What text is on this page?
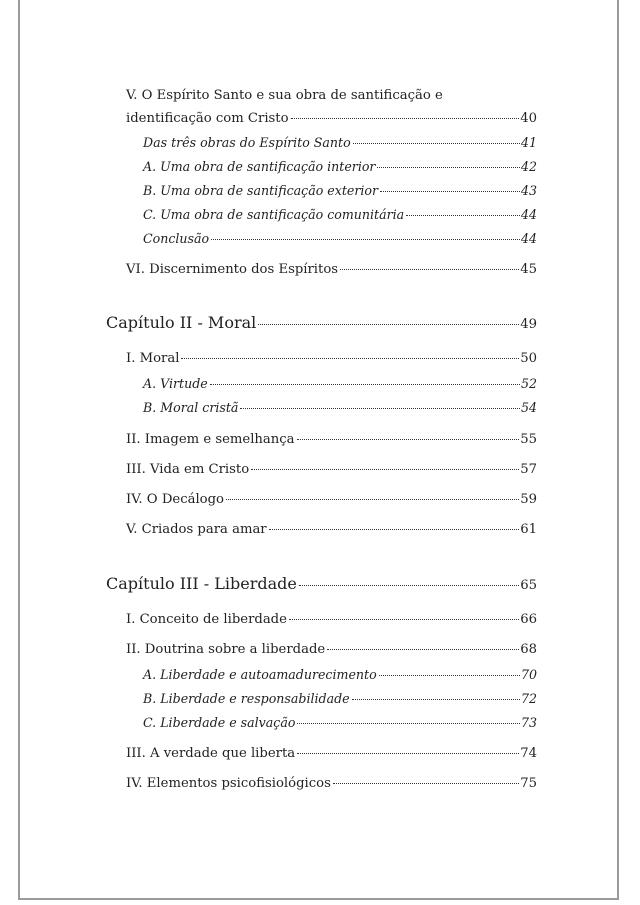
V. O Espírito Santo e sua obra de santificação e
identificação com Cristo	40
Das três obras do Espírito Santo	41
A. Uma obra de santificação interior	42
B. Uma obra de santificação exterior	43
C. Uma obra de santificação comunitária	44
Conclusão	44
VI. Discernimento dos Espíritos	45
Capítulo II - Moral	49
I. Moral	50
A. Virtude	52
B. Moral cristã	54
II. Imagem e semelhança	55
III. Vida em Cristo	57
IV. O Decálogo	59
V. Criados para amar	61
Capítulo III - Liberdade	65
I. Conceito de liberdade	66
II. Doutrina sobre a liberdade	68
A. Liberdade e autoamadurecimento	70
B. Liberdade e responsabilidade	72
C. Liberdade e salvação	73
III. A verdade que liberta	74
IV. Elementos psicofisiológicos	75
